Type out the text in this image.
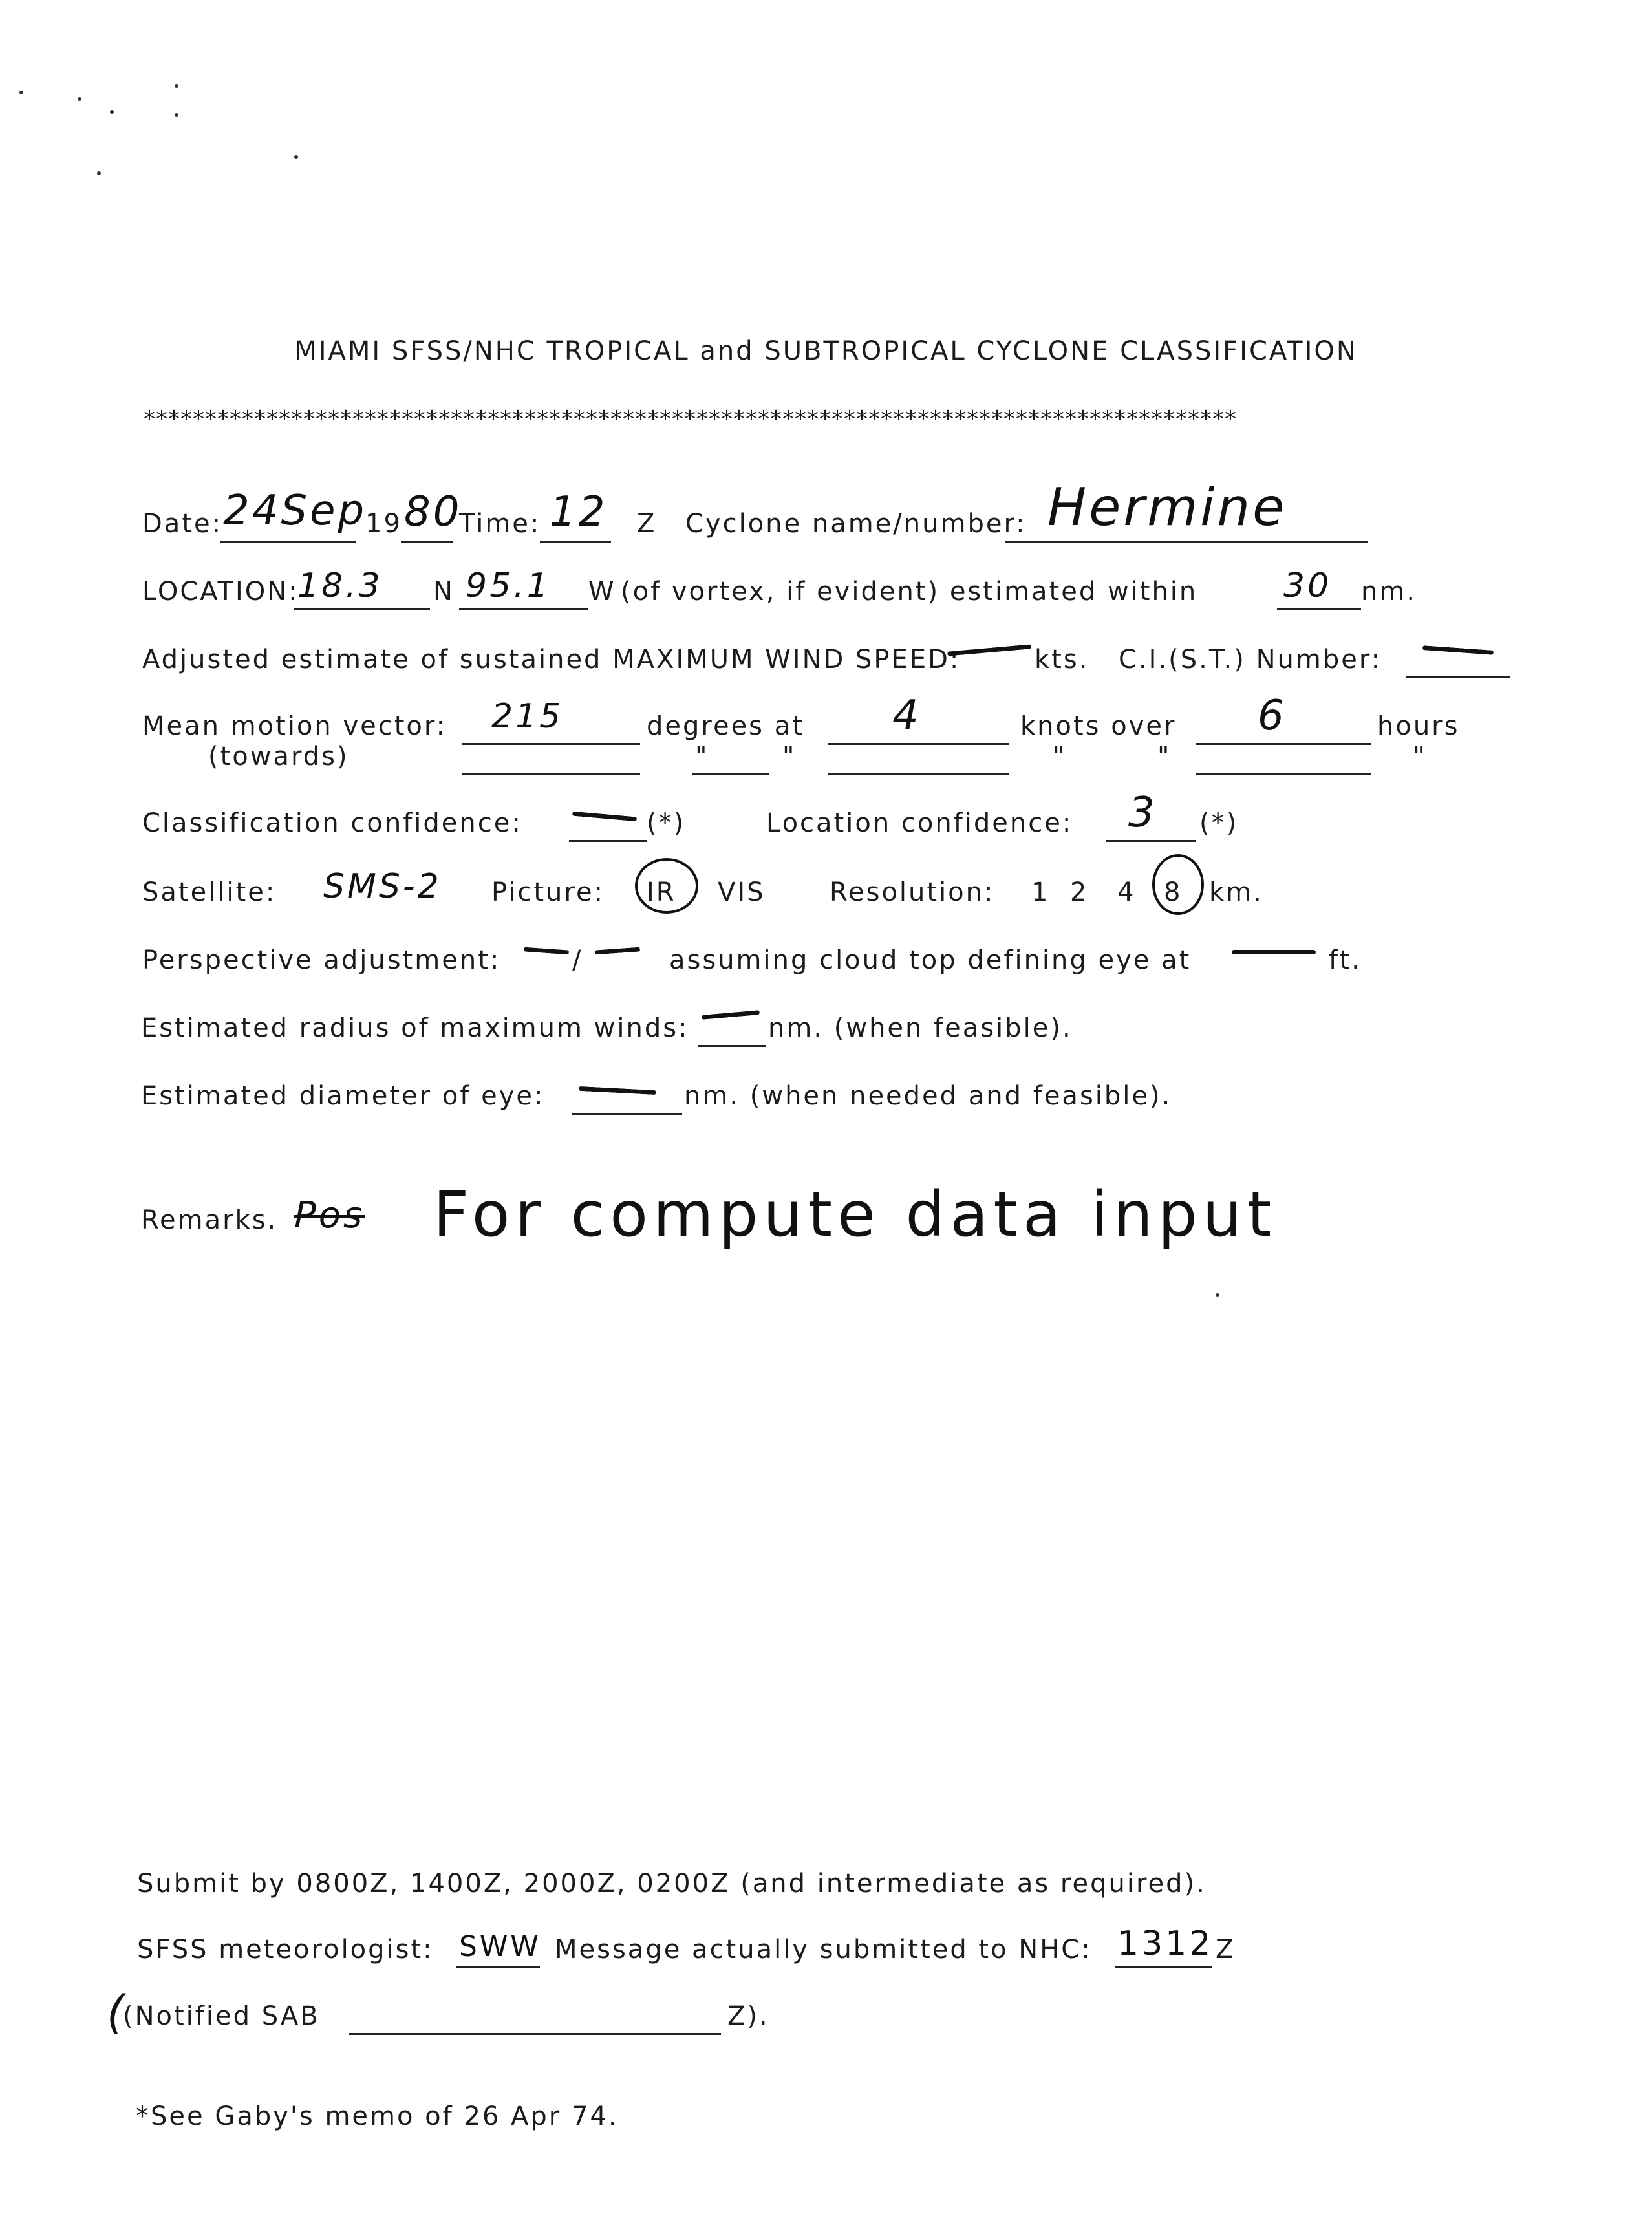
MIAMI SFSS/NHC TROPICAL and SUBTROPICAL CYCLONE CLASSIFICATION
*****************************************************************************************
Date: 24Sep
19 80
Time: 12 Z Cyclone name/number: Hermine
LOCATION:
18.3 N 95.1 W (of vortex, if evident) estimated within	30 nm.
Adjusted estimate of sustained MAXIMUM WIND SPEED:	kts. C.I.(S.T.) Number:
Mean motion vector: 215	degrees at 4	knots over 6	hours
(towards)	"	"	"	"	"
Classification confidence:	(*)	Location confidence: 3 (*)
Satellite: SMS-2 Picture: IR VIS Resolution: 1 2 4 8 km.
Perspective adjustment:	/	assuming cloud top defining eye at	ft.
Estimated radius of maximum winds:	nm. (when feasible).
Estimated diameter of eye:	nm. (when needed and feasible).
Remarks. Pos For compute data input
Submit by 0800Z, 1400Z, 2000Z, 0200Z (and intermediate as required).
SFSS meteorologist: SWW Message actually submitted to NHC: 1312 Z
(
(Notified SAB	Z).
*See Gaby's memo of 26 Apr 74.
